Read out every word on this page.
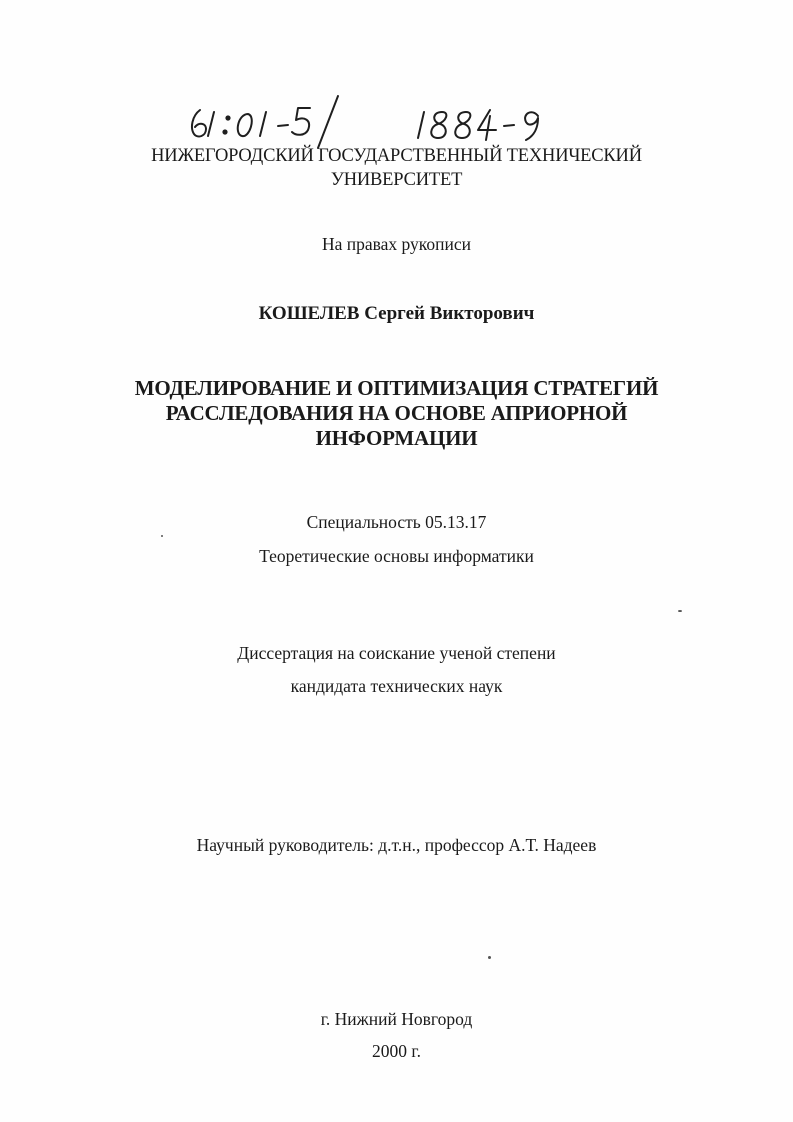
НИЖЕГОРОДСКИЙ ГОСУДАРСТВЕННЫЙ ТЕХНИЧЕСКИЙ
УНИВЕРСИТЕТ
На правах рукописи
КОШЕЛЕВ Сергей Викторович
МОДЕЛИРОВАНИЕ И ОПТИМИЗАЦИЯ СТРАТЕГИЙ
РАССЛЕДОВАНИЯ НА ОСНОВЕ АПРИОРНОЙ
ИНФОРМАЦИИ
Специальность 05.13.17
Теоретические основы информатики
Диссертация на соискание ученой степени
кандидата технических наук
Научный руководитель: д.т.н., профессор А.Т. Надеев
г. Нижний Новгород
2000 г.
